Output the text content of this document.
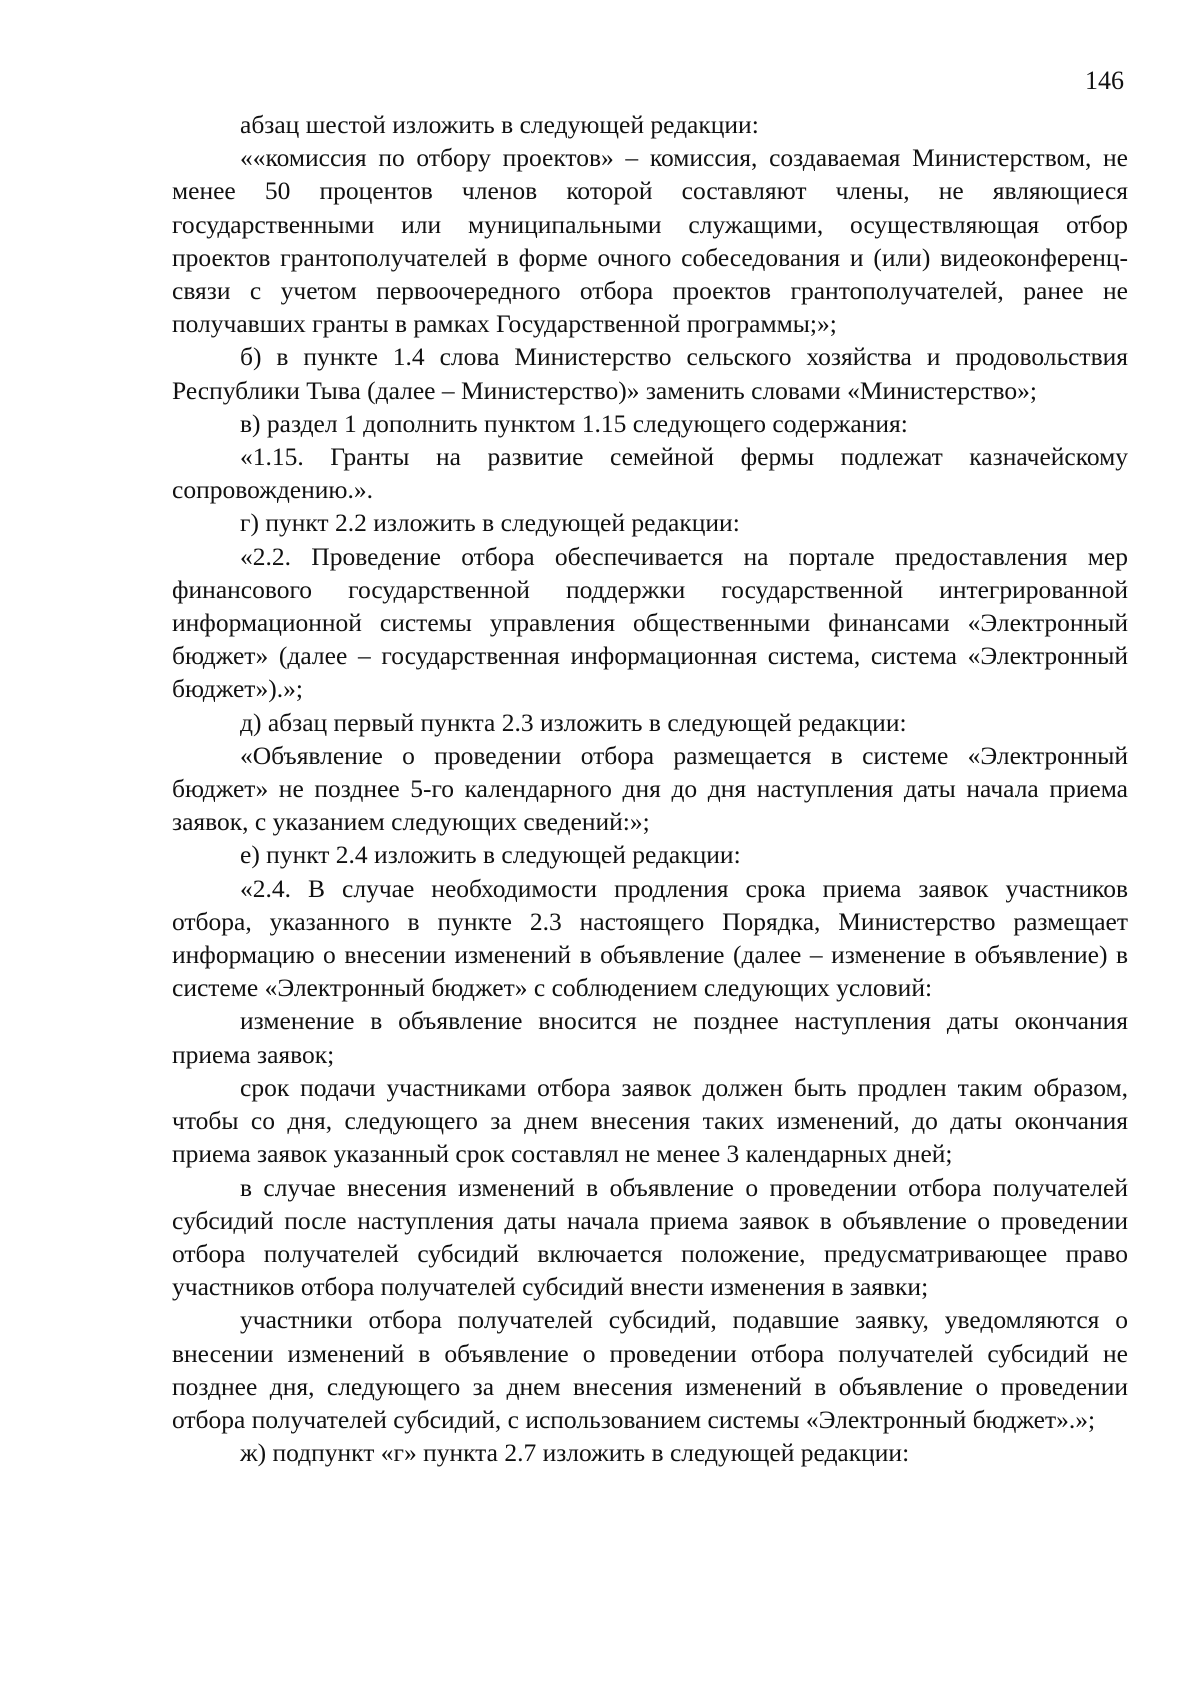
146

абзац шестой изложить в следующей редакции:

««комиссия по отбору проектов» – комиссия, создаваемая Министерством, не менее 50 процентов членов которой составляют члены, не являющиеся государственными или муниципальными служащими, осуществляющая отбор проектов грантополучателей в форме очного собеседования и (или) видеоконференц-связи с учетом первоочередного отбора проектов грантополучателей, ранее не получавших гранты в рамках Государственной программы;»;

б) в пункте 1.4 слова Министерство сельского хозяйства и продовольствия Республики Тыва (далее – Министерство)» заменить словами «Министерство»;

в) раздел 1 дополнить пунктом 1.15 следующего содержания:

«1.15. Гранты на развитие семейной фермы подлежат казначейскому сопровождению.».

г) пункт 2.2 изложить в следующей редакции:

«2.2. Проведение отбора обеспечивается на портале предоставления мер финансового государственной поддержки государственной интегрированной информационной системы управления общественными финансами «Электронный бюджет» (далее – государственная информационная система, система «Электронный бюджет»).»;

д) абзац первый пункта 2.3 изложить в следующей редакции:

«Объявление о проведении отбора размещается в системе «Электронный бюджет» не позднее 5-го календарного дня до дня наступления даты начала приема заявок, с указанием следующих сведений:»;

е) пункт 2.4 изложить в следующей редакции:

«2.4. В случае необходимости продления срока приема заявок участников отбора, указанного в пункте 2.3 настоящего Порядка, Министерство размещает информацию о внесении изменений в объявление (далее – изменение в объявление) в системе «Электронный бюджет» с соблюдением следующих условий:

изменение в объявление вносится не позднее наступления даты окончания приема заявок;

срок подачи участниками отбора заявок должен быть продлен таким образом, чтобы со дня, следующего за днем внесения таких изменений, до даты окончания приема заявок указанный срок составлял не менее 3 календарных дней;

в случае внесения изменений в объявление о проведении отбора получателей субсидий после наступления даты начала приема заявок в объявление о проведении отбора получателей субсидий включается положение, предусматривающее право участников отбора получателей субсидий внести изменения в заявки;

участники отбора получателей субсидий, подавшие заявку, уведомляются о внесении изменений в объявление о проведении отбора получателей субсидий не позднее дня, следующего за днем внесения изменений в объявление о проведении отбора получателей субсидий, с использованием системы «Электронный бюджет».»;

ж) подпункт «г» пункта 2.7 изложить в следующей редакции:
